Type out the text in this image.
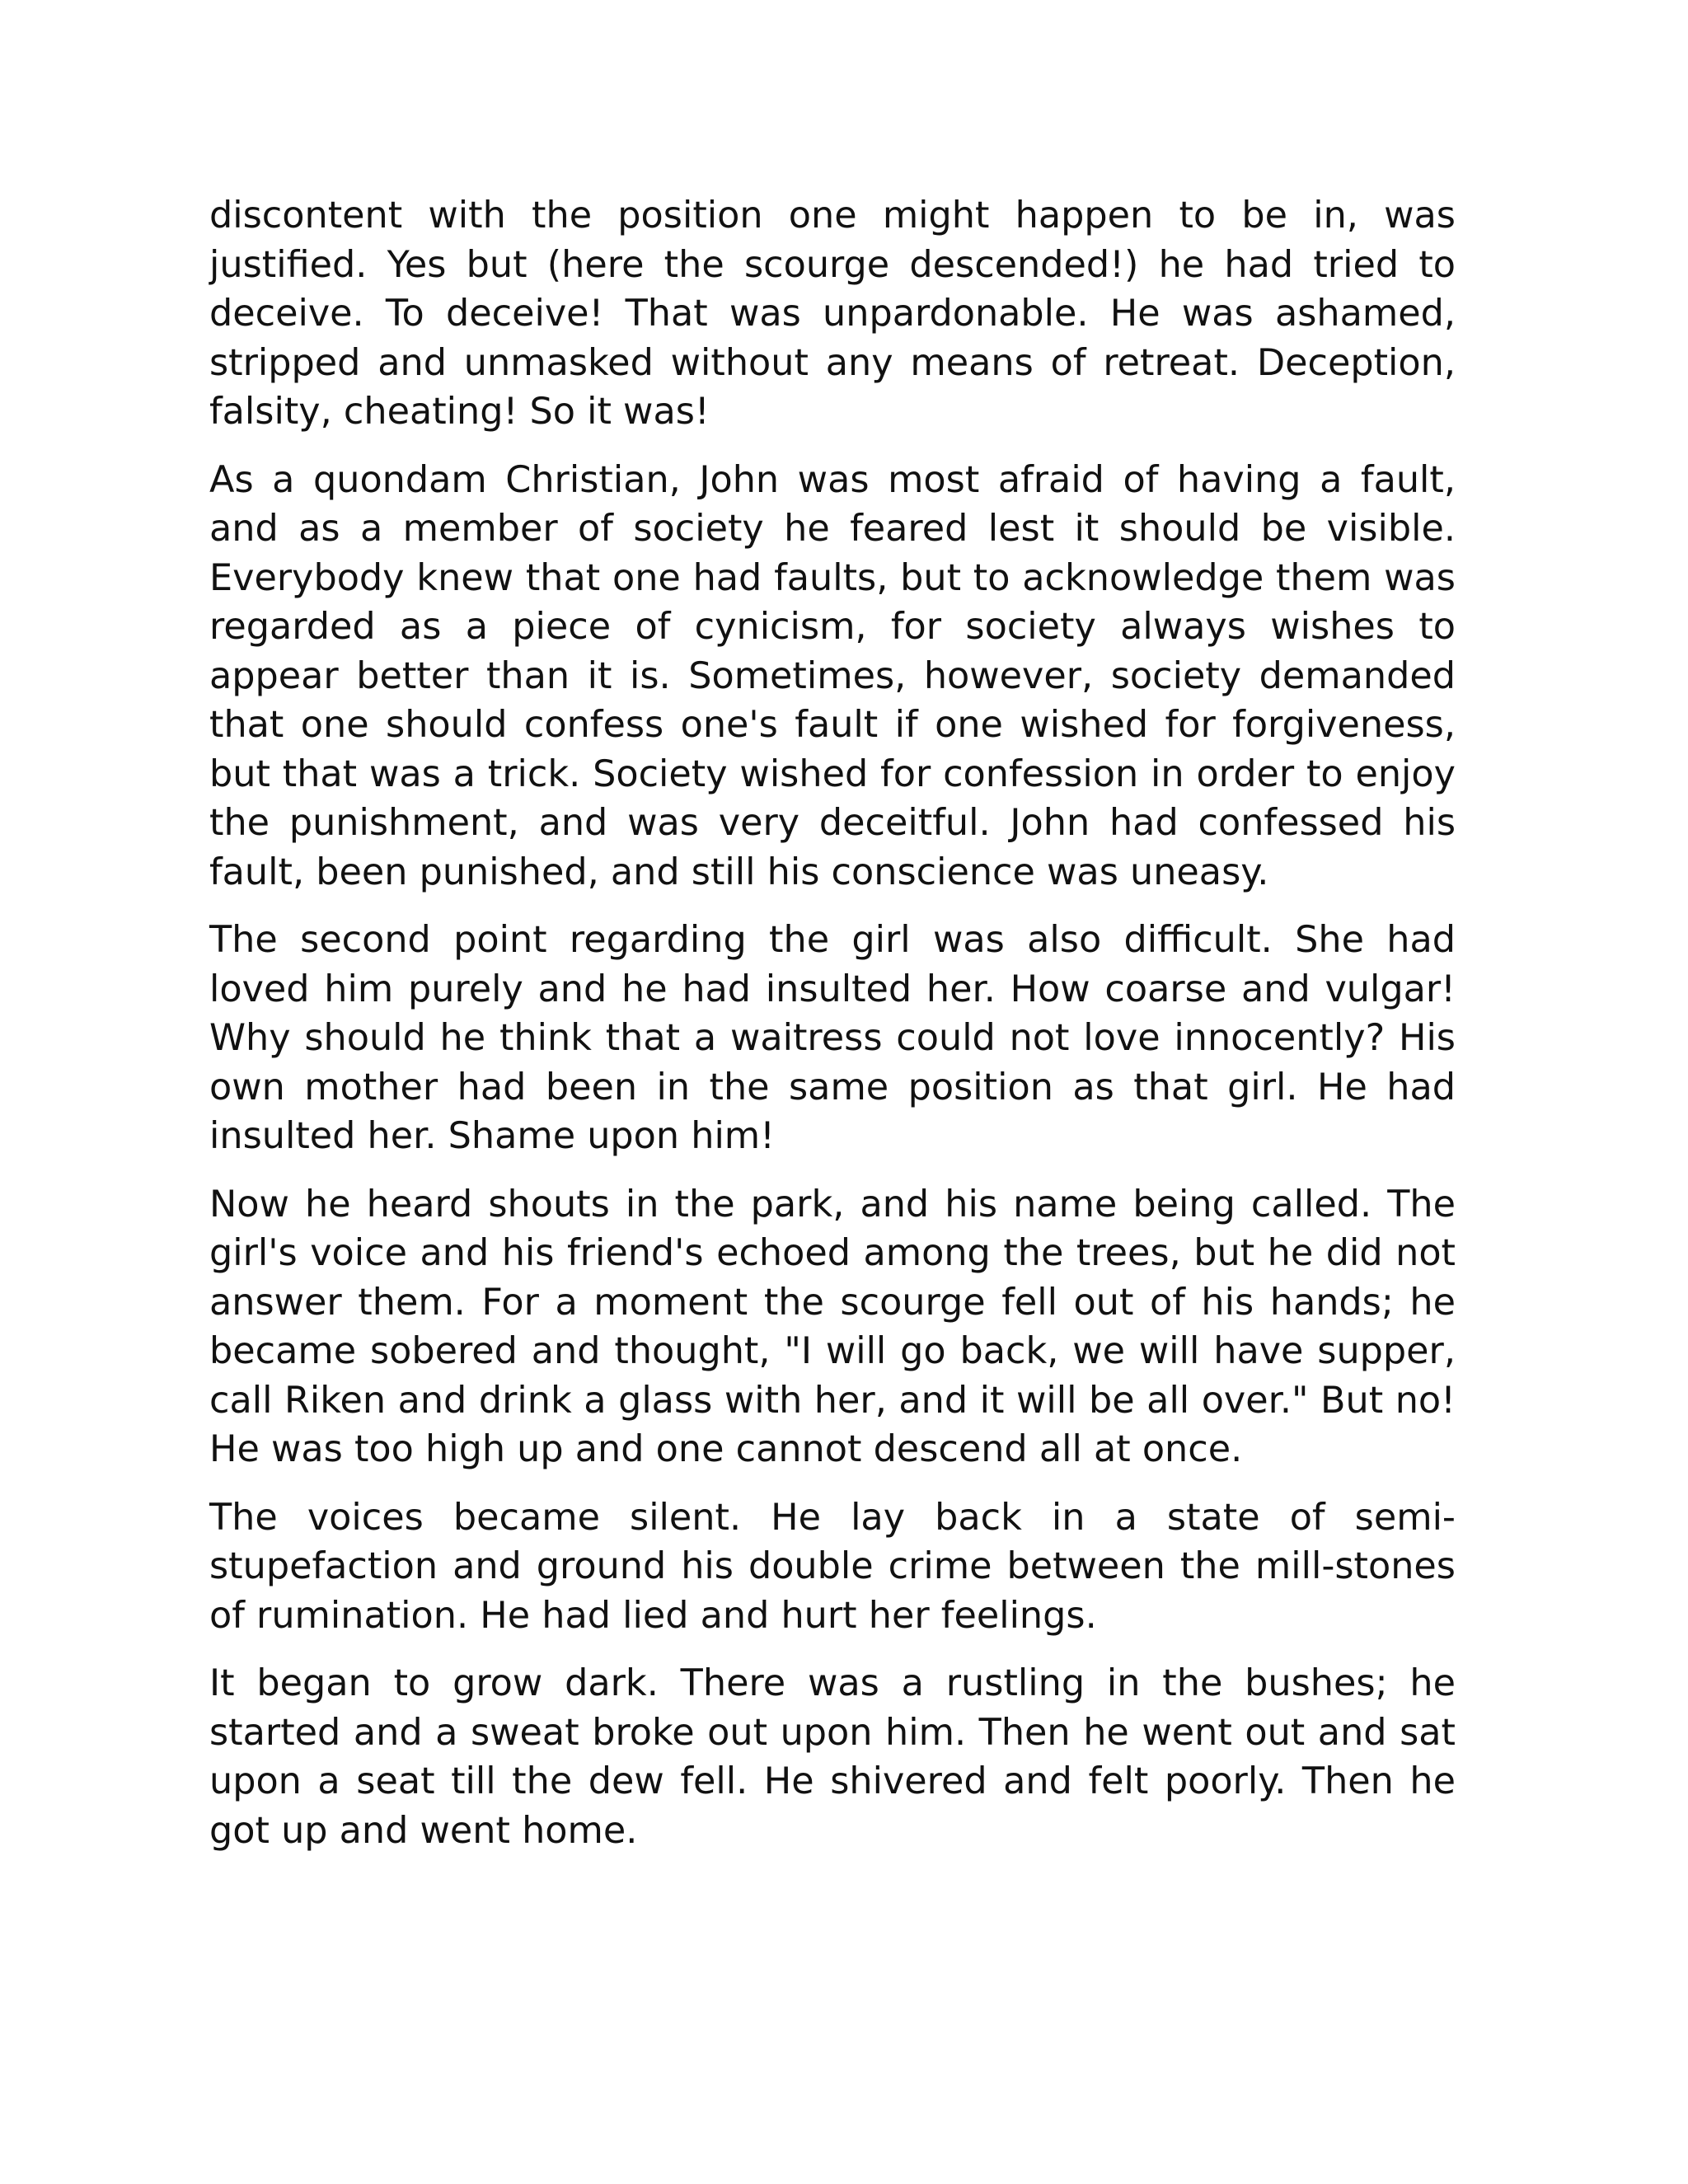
discontent with the position one might happen to be in, was justified. Yes but (here the scourge descended!) he had tried to deceive. To deceive! That was unpardonable. He was ashamed, stripped and unmasked without any means of retreat. Deception, falsity, cheating! So it was!

As a quondam Christian, John was most afraid of having a fault, and as a member of society he feared lest it should be visible. Everybody knew that one had faults, but to acknowledge them was regarded as a piece of cynicism, for society always wishes to appear better than it is. Sometimes, however, society demanded that one should confess one's fault if one wished for forgiveness, but that was a trick. Society wished for confession in order to enjoy the punishment, and was very deceitful. John had confessed his fault, been punished, and still his conscience was uneasy.

The second point regarding the girl was also difficult. She had loved him purely and he had insulted her. How coarse and vulgar! Why should he think that a waitress could not love innocently? His own mother had been in the same position as that girl. He had insulted her. Shame upon him!

Now he heard shouts in the park, and his name being called. The girl's voice and his friend's echoed among the trees, but he did not answer them. For a moment the scourge fell out of his hands; he became sobered and thought, "I will go back, we will have supper, call Riken and drink a glass with her, and it will be all over." But no! He was too high up and one cannot descend all at once.

The voices became silent. He lay back in a state of semi-stupefaction and ground his double crime between the mill-stones of rumination. He had lied and hurt her feelings.

It began to grow dark. There was a rustling in the bushes; he started and a sweat broke out upon him. Then he went out and sat upon a seat till the dew fell. He shivered and felt poorly. Then he got up and went home.
